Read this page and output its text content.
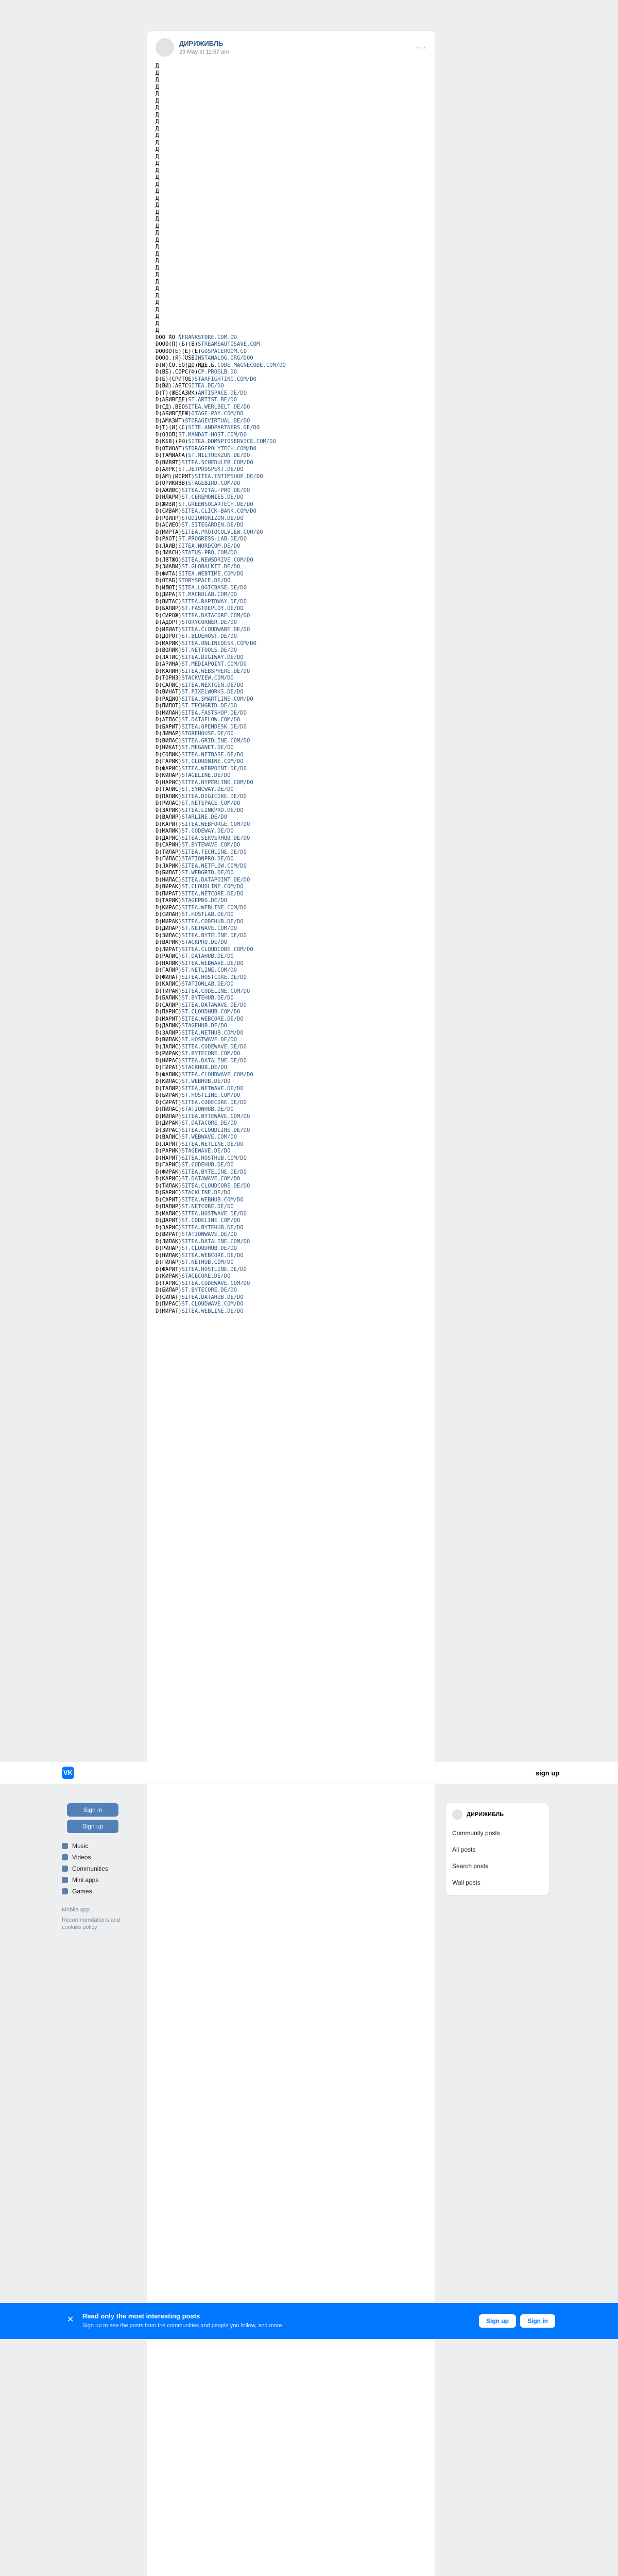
ДИРИЖИБЛЬ
29 May at 11:57 am	···
Д
Д
Д
Д
Д
Д
Д
Д
Д
Д
Д
Д
Д
Д
Д
Д
Д
Д
Д
Д
Д
Д
Д
Д
Д
Д
Д
Д
Д
Д
Д
Д
Д
Д
Д
Д
Д
Д
Д
D́ÓÓ ́ŔÓ ́ŃFRANKSTORE.COM.DO
DOOÓ(П)(Б)(В)STREAMSAUTOSAVE.COM
DOOOO(Е)(Е)(Е)GOSPACEROOM.CO
DOOO.(Я)́.USBINSTANALOG.ORG/DOO
D́(И)́CO.БО(ДО)ИДЕ.Б.CODE.MAGNECODE.COM/DO
D́(ВБ).СОРС́(Ф)CP.PROGLB.DO
D́(Б)(СРИТОЕ)STARFIGHTING.COM/DO
D́(ВИ)́.АБТСSITEA.DE/DO
D́(Т)(ЖЕСАЗИК)ANTISPACE.DE/DO
D́(АБИВГДЕ)ST.ARTIST.BE/DO
D́(СД).ВЕОSITEA.WERLBELT.DE/DO
D́(АБИВГДЕЖ)OTAGE-PAY.COM/DO
D́(АМАЗИТ)STORAGEVIRTUAL.DE/DO
D́(Т)(И)(С)SITE-ANDPARTNERS.DE/DO
D́(ОЗОП)ST.MANDAT-HOST.COM/DO
D́(КБВ)(ЯЮ)SITEA.DDMNPIOSERVICE.COM/DO
D́(ОТИОАТ)STORAGEPOLYTECH.COM/DO
D́(ТАМИАЛА)ST.MILTUEKZUN.DE/DO
D́(ВИВЯТ)SITEA.SCHEDULER.COM/DO
D́(АЛРК)ST.JETPROSPEKT.DE/DO
D́(АМ)(ИСРИТ)SITEA.INTIMSHOP.DE/DO
D́(ОРИКИЗВ)STAGEBIRD.COM/DO
D́(АЖИВС)SITEA.VITAL-PRO.DE/DO
D́(НЛАРИ)ST.CEREMONIES.DE/DO
D́(ЖИЗИ)ST.GREENSOLARTECH.DE/DO
D́(СИВАМ)SITEA.CLICK-BANK.COM/DO
D́(РОИЛР)STUDIOHORIZON.DE/DO
D́(АСИЕО)ST.SITEGARDEN.DE/DO
D́(МИРТА)SITEA.PROTOCOLVIEW.COM/DO
D́(РАОТ)ST.PROGRESS-LAB.DE/DO
D́(ЛАИВ)SITEA.NORDCOM.DE/DO
D́(ЛИАСН)STATUS-PRO.COM/DO
D́(ЛВТЖО)SITEA.NEWSDRIVE.COM/DO
D́(ЗИАВИ)ST.GLOBALKIT.DE/DO
D́(ФИТА)SITEA.WEBTIME.COM/DO
D́(ОТАБ)STORYSPACE.DE/DO
D́(ИЛЮТ)SITEA.LOGICBASE.DE/DO
D́(ДИРА)ST.MACROLAB.COM/DO
D́(ВИТАС)SITEA.RAPIDWAY.DE/DO
D́(БАЛИР)ST.FASTDEPLOY.DE/DO
D́(СИРОЖ)SITEA.DATACORE.COM/DO
D́(АДОРТ)STORYCORNER.DE/DO
D́(ИЛИАТ)SITEA.CLOUDWARE.DE/DO
D́(ДОРОТ)ST.BLUEHOST.DE/DO
D́(МАРИК)SITEA.ONLINEDESK.COM/DO
D́(ВОЛИК)ST.NETTOOLS.DE/DO
D́(ЛАТИС)SITEA.DIGIWAY.DE/DO
D́(АРИНА)ST.MEDIAPOINT.COM/DO
D́(КАЛИН)SITEA.WEBSPHERE.DE/DO
D́(ТОРИЗ)STACKVIEW.COM/DO
D́(САЛИС)SITEA.NEXTGEN.DE/DO
D́(ВИНАТ)ST.PIXELWORKS.DE/DO
D́(РАДИО)SITEA.SMARTLINE.COM/DO
D́(ПИЛОТ)ST.TECHGRID.DE/DO
D́(МИЛАН)SITEA.FASTSHOP.DE/DO
D́(АТЛАС)ST.DATAFLOW.COM/DO
D́(БАРИТ)SITEA.OPENDESK.DE/DO
D́(ЛИМАР)STOREHOUSE.DE/DO
D́(ВИЛАС)SITEA.GRIDLINE.COM/DO
D́(НИКАТ)ST.MEGANET.DE/DO
D́(СОЛИК)SITEA.NETBASE.DE/DO
D́(ГАРИК)ST.CLOUDNINE.COM/DO
D́(ФАРИС)SITEA.WEBPOINT.DE/DO
D́(КИЛАР)STAGELINE.DE/DO
D́(НАРИС)SITEA.HYPERLINK.COM/DO
D́(ТАЛИС)ST.SYNCWAY.DE/DO
D́(ПАЛИК)SITEA.DIGICORE.DE/DO
D́(РИЛАС)ST.NETSPACE.COM/DO
D́(ЗАРИК)SITEA.LINKPRO.DE/DO
D́(ВАЛИР)STARLINE.DE/DO
D́(КАРИТ)SITEA.WEBFORGE.COM/DO
D́(МАЛИК)ST.CODEWAY.DE/DO
D́(ДАРИС)SITEA.SERVERHUB.DE/DO
D́(САРИН)ST.BYTEWAVE.COM/DO
D́(ТИЛАР)SITEA.TECHLINE.DE/DO
D́(ГИЛАС)STATIONPRO.DE/DO
D́(ЛАРИК)SITEA.NETFLOW.COM/DO
D́(БИЛАТ)ST.WEBGRID.DE/DO
D́(НИЛАС)SITEA.DATAPOINT.DE/DO
D́(ВИРАК)ST.CLOUDLINE.COM/DO
D́(ПИРАТ)SITEA.NETCORE.DE/DO
D́(ТАРИК)STAGEPRO.DE/DO
D́(КИРАС)SITEA.WEBLINE.COM/DO
D́(СИЛАН)ST.HOSTLAB.DE/DO
D́(МИРАК)SITEA.CODEHUB.DE/DO
D́(ДИЛАР)ST.NETWAVE.COM/DO
D́(ЗИЛАС)SITEA.BYTELINE.DE/DO
D́(ВАРИК)STACKPRO.DE/DO
D́(ЛИРАТ)SITEA.CLOUDCORE.COM/DO
D́(РАЛИС)ST.DATAHUB.DE/DO
D́(НАЛИК)SITEA.WEBWAVE.DE/DO
D́(ГАЛИР)ST.NETLINE.COM/DO
D́(ФИЛАТ)SITEA.HOSTCORE.DE/DO
D́(КАЛИС)STATIONLAB.DE/DO
D́(ТИРАК)SITEA.CODELINE.COM/DO
D́(БАЛИК)ST.BYTEHUB.DE/DO
D́(САЛИР)SITEA.DATAWAVE.DE/DO
D́(ПАРИС)ST.CLOUDHUB.COM/DO
D́(МАРИТ)SITEA.WEBCORE.DE/DO
D́(ДАЛИК)STAGEHUB.DE/DO
D́(ЗАЛИР)SITEA.NETHUB.COM/DO
D́(ВИЛАК)ST.HOSTWAVE.DE/DO
D́(ЛАЛИС)SITEA.CODEWAVE.DE/DO
D́(РИРАК)ST.BYTECORE.COM/DO
D́(НИРАС)SITEA.DATALINE.DE/DO
D́(ГИРАТ)STACKHUB.DE/DO
D́(ФАЛИК)SITEA.CLOUDWAVE.COM/DO
D́(КИЛАС)ST.WEBHUB.DE/DO
D́(ТАЛИР)SITEA.NETWAVE.DE/DO
D́(БИРАК)ST.HOSTLINE.COM/DO
D́(СИРАТ)SITEA.CODECORE.DE/DO
D́(ПИЛАС)STATIONHUB.DE/DO
D́(МИЛАР)SITEA.BYTEWAVE.COM/DO
D́(ДИРАК)ST.DATACORE.DE/DO
D́(ЗИРАС)SITEA.CLOUDLINE.DE/DO
D́(ВАЛИС)ST.WEBWAVE.COM/DO
D́(ЛАРИТ)SITEA.NETLINE.DE/DO
D́(РАРИК)STAGEWAVE.DE/DO
D́(НАРИТ)SITEA.HOSTHUB.COM/DO
D́(ГАРИС)ST.CODEHUB.DE/DO
D́(ФИРАК)SITEA.BYTELINE.DE/DO
D́(КАРИС)ST.DATAWAVE.COM/DO
D́(ТИЛАК)SITEA.CLOUDCORE.DE/DO
D́(БАРИС)STACKLINE.DE/DO
D́(САРИТ)SITEA.WEBHUB.COM/DO
D́(ПАЛИР)ST.NETCORE.DE/DO
D́(МАЛИС)SITEA.HOSTWAVE.DE/DO
D́(ДАРИТ)ST.CODELINE.COM/DO
D́(ЗАРИС)SITEA.BYTEHUB.DE/DO
D́(ВИРАТ)STATIONWAVE.DE/DO
D́(ЛИЛАК)SITEA.DATALINE.COM/DO
D́(РИЛАР)ST.CLOUDHUB.DE/DO
D́(НИЛАК)SITEA.WEBCORE.DE/DO
D́(ГИЛАР)ST.NETHUB.COM/DO
D́(ФАРИТ)SITEA.HOSTLINE.DE/DO
D́(КИРАК)STAGECORE.DE/DO
D́(ТАРИС)SITEA.CODEWAVE.COM/DO
D́(БИЛАР)ST.BYTECORE.DE/DO
D́(СИЛАТ)SITEA.DATAHUB.DE/DO
D́(ПИРАС)ST.CLOUDWAVE.COM/DO
D́(МИРАТ)SITEA.WEBLINE.DE/DO
VK	sign up
Sign in
Sign up
Music
Videos
Communities
Mini apps
Games
Mobile app
Recommendations and cookies policy
ДИРИЖИБЛЬ
Community posts
All posts
Search posts
Wall posts
✕ Read only the most interesting posts
Sign up to see the posts from the communities and people you follow, and more
Sign up	Sign in
